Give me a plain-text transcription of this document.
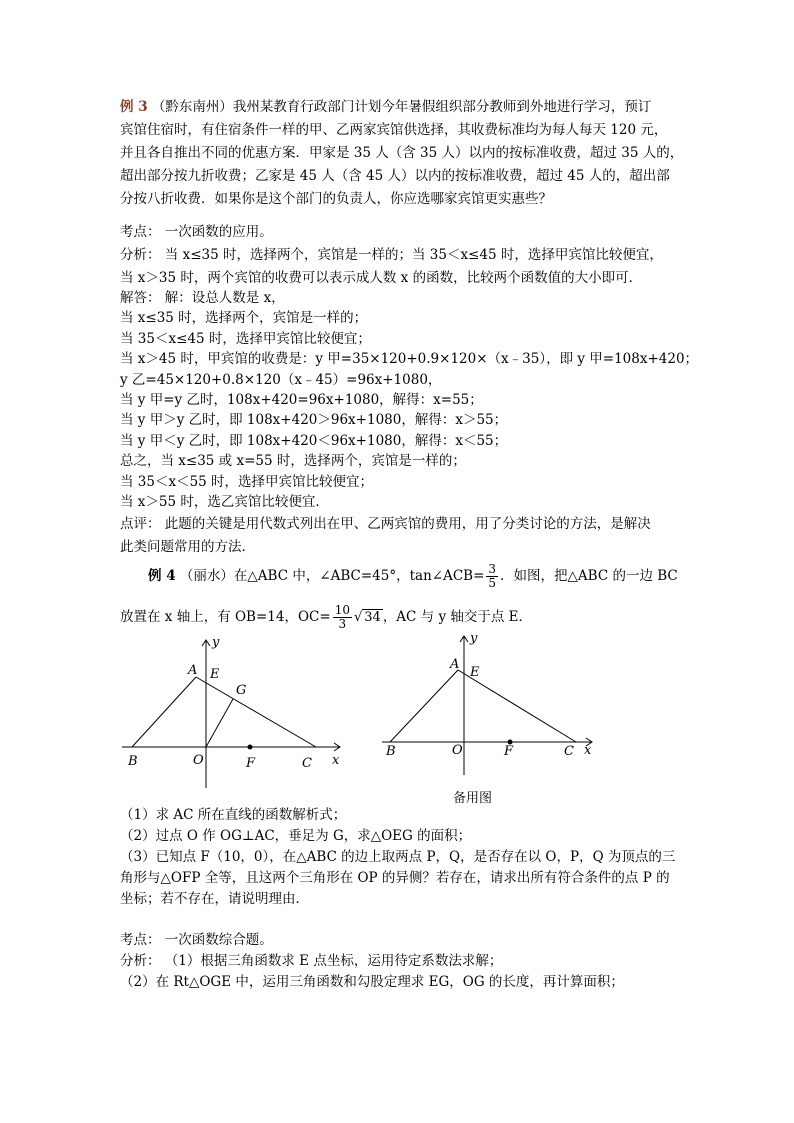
例 3 （黔东南州）我州某教育行政部门计划今年暑假组织部分教师到外地进行学习，预订
宾馆住宿时，有住宿条件一样的甲、乙两家宾馆供选择，其收费标准均为每人每天 120 元，
并且各自推出不同的优惠方案．甲家是 35 人（含 35 人）以内的按标准收费，超过 35 人的，
超出部分按九折收费；乙家是 45 人（含 45 人）以内的按标准收费，超过 45 人的，超出部
分按八折收费．如果你是这个部门的负责人，你应选哪家宾馆更实惠些？
考点： 一次函数的应用。
分析： 当 x≤35 时，选择两个，宾馆是一样的；当 35＜x≤45 时，选择甲宾馆比较便宜，
当 x＞35 时，两个宾馆的收费可以表示成人数 x 的函数，比较两个函数值的大小即可．
解答： 解：设总人数是 x，
当 x≤35 时，选择两个，宾馆是一样的；
当 35＜x≤45 时，选择甲宾馆比较便宜；
当 x＞45 时，甲宾馆的收费是：y 甲=35×120+0.9×120×（x﹣35），即 y 甲=108x+420；
y 乙=45×120+0.8×120（x﹣45）=96x+1080，
当 y 甲=y 乙时，108x+420=96x+1080，解得：x=55；
当 y 甲＞y 乙时，即 108x+420＞96x+1080，解得：x＞55；
当 y 甲＜y 乙时，即 108x+420＜96x+1080，解得：x＜55；
总之，当 x≤35 或 x=55 时，选择两个，宾馆是一样的；
当 35＜x＜55 时，选择甲宾馆比较便宜；
当 x＞55 时，选乙宾馆比较便宜．
点评： 此题的关键是用代数式列出在甲、乙两宾馆的费用，用了分类讨论的方法，是解决
此类问题常用的方法．
例 4 （丽水）在△ABC 中，∠ABC=45°，tan∠ACB= $\frac{3}{5}$ ．如图，把△ABC 的一边 BC
放置在 x 轴上，有 OB=14，$OC= \frac{10}{3}$ √ 34 ，AC 与 y 轴交于点 E．
A E
G
B	O	F	C x
y
A
E
B	O	F	C x
y
备用图
（1）求 AC 所在直线的函数解析式；
（2）过点 O 作 OG⊥AC，垂足为 G，求△OEG 的面积；
（3）已知点 F（10，0），在△ABC 的边上取两点 P，Q，是否存在以 O，P，Q 为顶点的三
角形与△OFP 全等，且这两个三角形在 OP 的异侧？若存在，请求出所有符合条件的点 P 的
坐标；若不存在，请说明理由．
考点： 一次函数综合题。
分析： （1）根据三角函数求 E 点坐标，运用待定系数法求解；
（2）在 Rt△OGE 中，运用三角函数和勾股定理求 EG，OG 的长度，再计算面积；
